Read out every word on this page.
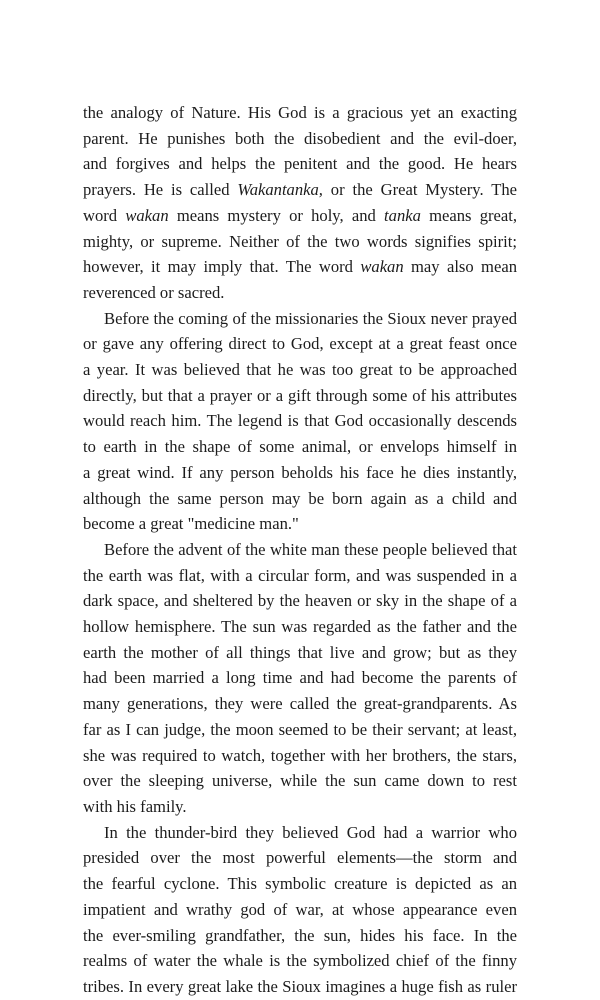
the analogy of Nature. His God is a gracious yet an exacting
parent. He punishes both the disobedient and the evil-doer,
and forgives and helps the penitent and the good. He hears
prayers. He is called Wakantanka, or the Great Mystery. The
word wakan means mystery or holy, and tanka means great,
mighty, or supreme. Neither of the two words signifies spirit;
however, it may imply that. The word wakan may also mean
reverenced or sacred.
Before the coming of the missionaries the Sioux never prayed
or gave any offering direct to God, except at a great feast once
a year. It was believed that he was too great to be approached
directly, but that a prayer or a gift through some of his attributes
would reach him. The legend is that God occasionally descends
to earth in the shape of some animal, or envelops himself in
a great wind. If any person beholds his face he dies instantly,
although the same person may be born again as a child and
become a great "medicine man."
Before the advent of the white man these people believed that
the earth was flat, with a circular form, and was suspended in a
dark space, and sheltered by the heaven or sky in the shape of a
hollow hemisphere. The sun was regarded as the father and the
earth the mother of all things that live and grow; but as they
had been married a long time and had become the parents of
many generations, they were called the great-grandparents. As
far as I can judge, the moon seemed to be their servant; at least,
she was required to watch, together with her brothers, the stars,
over the sleeping universe, while the sun came down to rest
with his family.
In the thunder-bird they believed God had a warrior who
presided over the most powerful elements—the storm and
the fearful cyclone. This symbolic creature is depicted as an
impatient and wrathy god of war, at whose appearance even
the ever-smiling grandfather, the sun, hides his face. In the
realms of water the whale is the symbolized chief of the finny
tribes. In every great lake the Sioux imagines a huge fish as ruler
